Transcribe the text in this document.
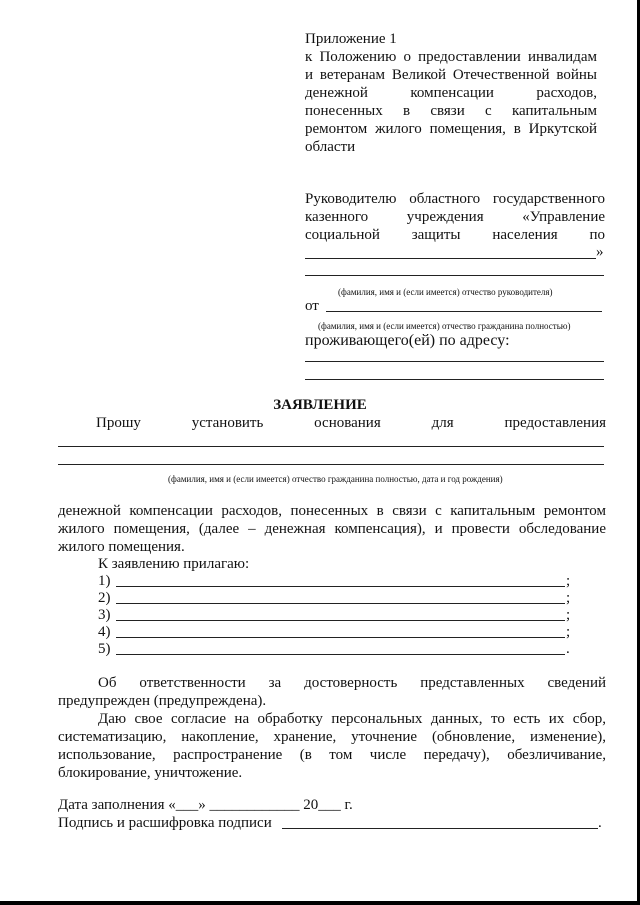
Приложение 1
к Положению о предоставлении инвалидам
и ветеранам Великой Отечественной войны
денежной компенсации расходов,
понесенных в связи с капитальным
ремонтом жилого помещения, в Иркутской
области
Руководителю областного государственного
казенного учреждения «Управление
социальной защиты населения по
»
(фамилия, имя и (если имеется) отчество руководителя)
от
(фамилия, имя и (если имеется) отчество гражданина полностью)
проживающего(ей) по адресу:
ЗАЯВЛЕНИЕ
Прошу установить основания для предоставления
(фамилия, имя и (если имеется) отчество гражданина полностью, дата и год рождения)
денежной компенсации расходов, понесенных в связи с капитальным ремонтом
жилого помещения, (далее – денежная компенсация), и провести обследование
жилого помещения.
К заявлению прилагаю:
1)	;
2)	;
3)	;
4)	;
5)	.
Об ответственности за достоверность представленных сведений
предупрежден (предупреждена).
Даю свое согласие на обработку персональных данных, то есть их сбор,
систематизацию, накопление, хранение, уточнение (обновление, изменение),
использование, распространение (в том числе передачу), обезличивание,
блокирование, уничтожение.
Дата заполнения «___» ____________ 20___ г.
Подпись и расшифровка подписи	.
